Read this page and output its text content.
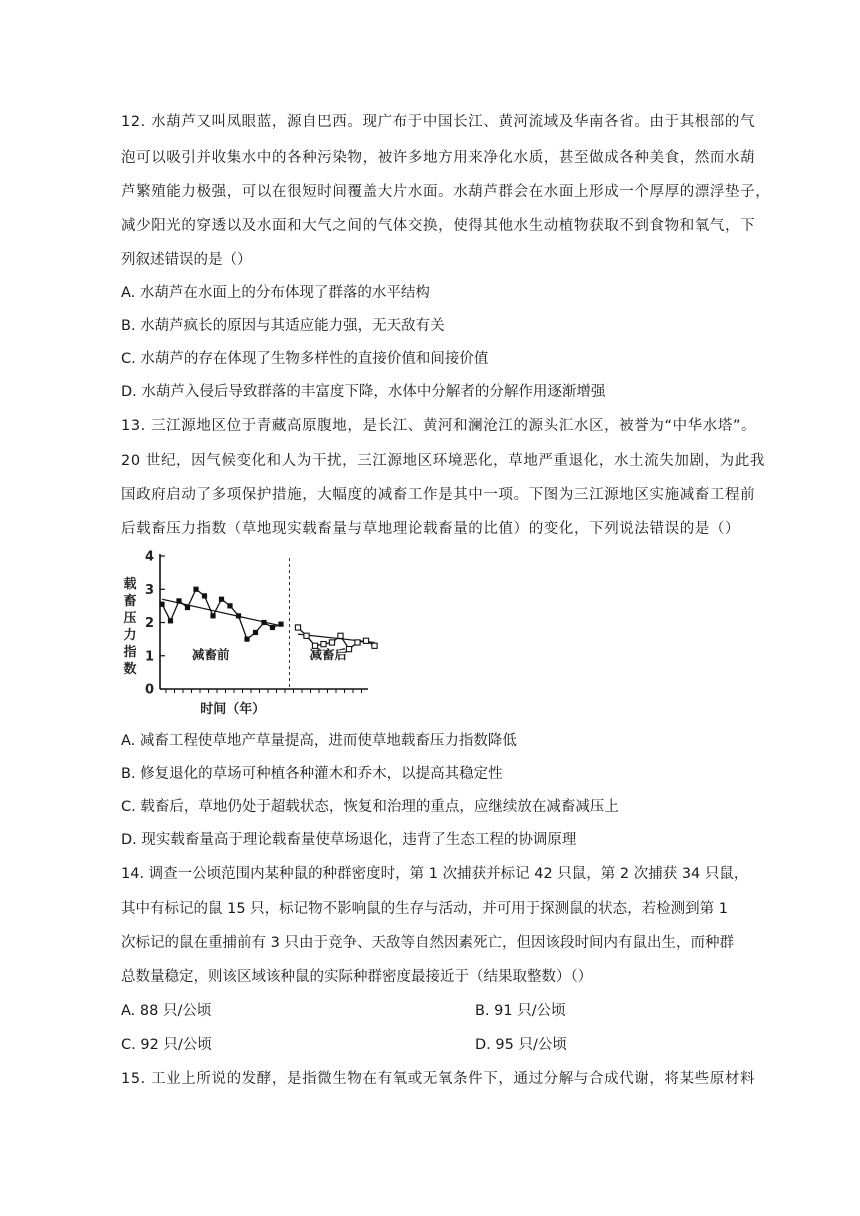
12. 水葫芦又叫凤眼蓝，源自巴西。现广布于中国长江、黄河流域及华南各省。由于其根部的气
泡可以吸引并收集水中的各种污染物，被许多地方用来净化水质，甚至做成各种美食，然而水葫
芦繁殖能力极强，可以在很短时间覆盖大片水面。水葫芦群会在水面上形成一个厚厚的漂浮垫子，
减少阳光的穿透以及水面和大气之间的气体交换，使得其他水生动植物获取不到食物和氧气，下
列叙述错误的是（）
A. 水葫芦在水面上的分布体现了群落的水平结构
B. 水葫芦疯长的原因与其适应能力强，无天敌有关
C. 水葫芦的存在体现了生物多样性的直接价值和间接价值
D. 水葫芦入侵后导致群落的丰富度下降，水体中分解者的分解作用逐渐增强
13. 三江源地区位于青藏高原腹地，是长江、黄河和澜沧江的源头汇水区，被誉为“中华水塔”。
20 世纪，因气候变化和人为干扰，三江源地区环境恶化，草地严重退化，水土流失加剧，为此我
国政府启动了多项保护措施，大幅度的减畜工作是其中一项。下图为三江源地区实施减畜工程前
后载畜压力指数（草地现实载畜量与草地理论载畜量的比值）的变化，下列说法错误的是（）
载
畜
压
力
指
数
0
1
2
3
4
减畜前	减畜后
时间（年）
A. 减畜工程使草地产草量提高，进而使草地载畜压力指数降低
B. 修复退化的草场可种植各种灌木和乔木，以提高其稳定性
C. 载畜后，草地仍处于超载状态，恢复和治理的重点，应继续放在减畜减压上
D. 现实载畜量高于理论载畜量使草场退化，违背了生态工程的协调原理
14. 调查一公顷范围内某种鼠的种群密度时，第 1 次捕获并标记 42 只鼠，第 2 次捕获 34 只鼠，
其中有标记的鼠 15 只，标记物不影响鼠的生存与活动，并可用于探测鼠的状态，若检测到第 1
次标记的鼠在重捕前有 3 只由于竞争、天敌等自然因素死亡，但因该段时间内有鼠出生，而种群
总数量稳定，则该区域该种鼠的实际种群密度最接近于（结果取整数）（）
A. 88 只/公顷	B. 91 只/公顷
C. 92 只/公顷	D. 95 只/公顷
15. 工业上所说的发酵，是指微生物在有氧或无氧条件下，通过分解与合成代谢，将某些原材料
